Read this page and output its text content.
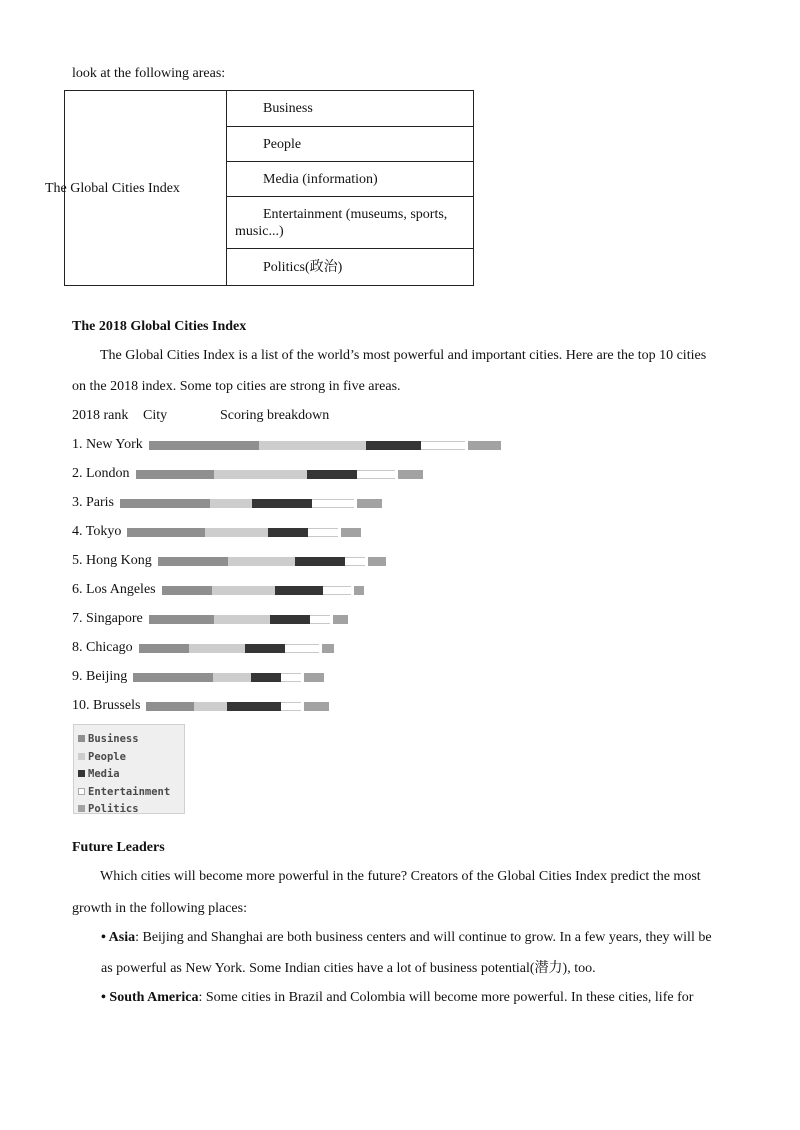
look at the following areas:
The Global Cities Index
	Business
People
Media (information)
Entertainment (museums, sports, music...)
Politics(政治)
The 2018 Global Cities Index
The Global Cities Index is a list of the world’s most powerful and important cities. Here are the top 10 cities
on the 2018 index. Some top cities are strong in five areas.
2018 rank City	Scoring breakdown
1. New York
2. London
3. Paris
4. Tokyo
5. Hong Kong
6. Los Angeles
7. Singapore
8. Chicago
9. Beijing
10. Brussels
Business
People
Media
Entertainment
Politics
Future Leaders
Which cities will become more powerful in the future? Creators of the Global Cities Index predict the most
growth in the following places:
• Asia: Beijing and Shanghai are both business centers and will continue to grow. In a few years, they will be
as powerful as New York. Some Indian cities have a lot of business potential(潜力), too.
• South America: Some cities in Brazil and Colombia will become more powerful. In these cities, life for
